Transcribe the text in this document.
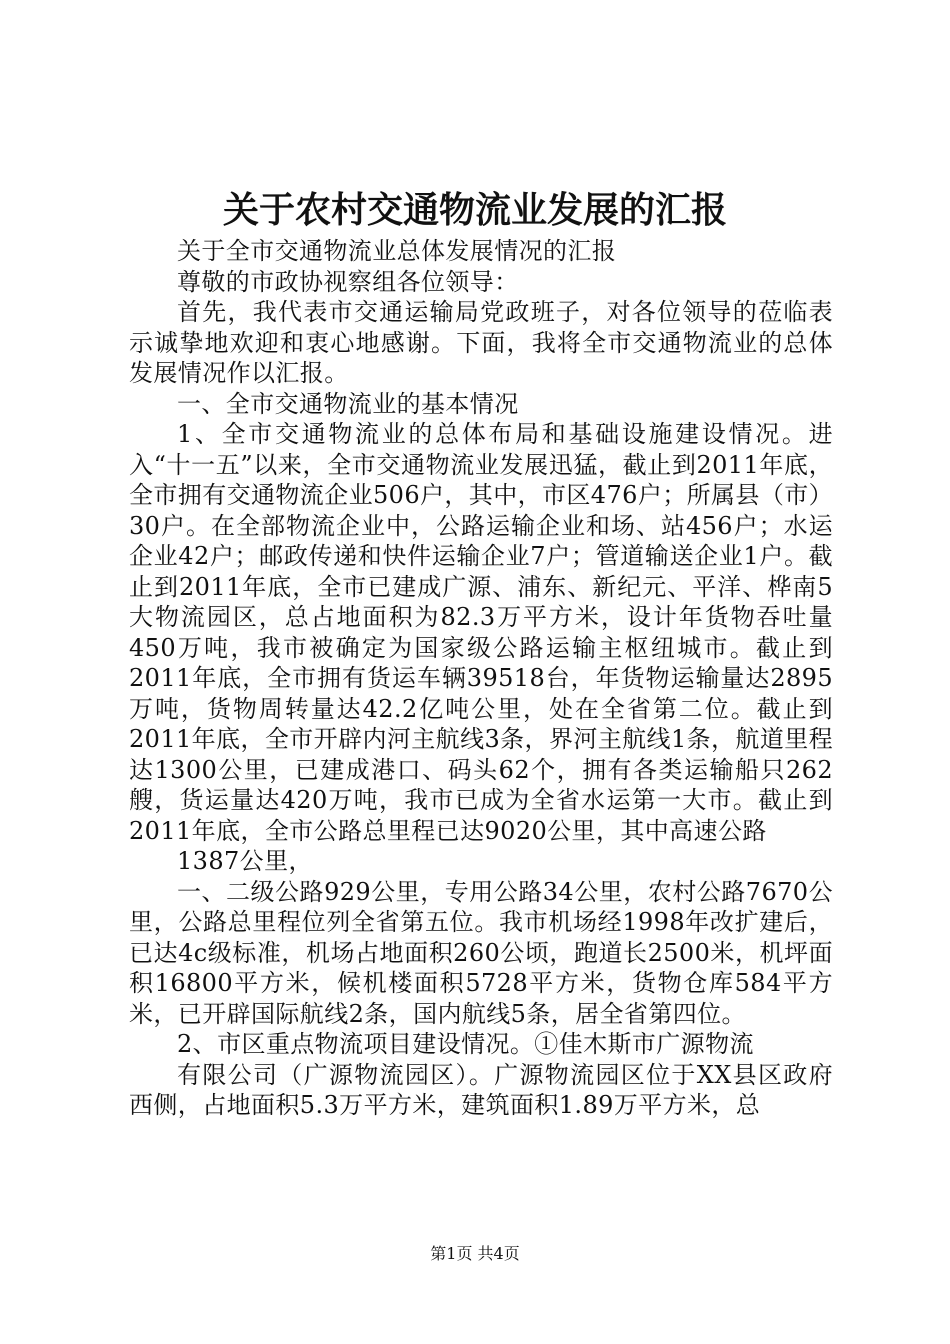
关于农村交通物流业发展的汇报

关于全市交通物流业总体发展情况的汇报

尊敬的市政协视察组各位领导：

首先，我代表市交通运输局党政班子，对各位领导的莅临表示诚挚地欢迎和衷心地感谢。下面，我将全市交通物流业的总体发展情况作以汇报。

一、全市交通物流业的基本情况

1、全市交通物流业的总体布局和基础设施建设情况。进入“十一五”以来，全市交通物流业发展迅猛，截止到2011年底，全市拥有交通物流企业506户，其中，市区476户；所属县（市）30户。在全部物流企业中，公路运输企业和场、站456户；水运企业42户；邮政传递和快件运输企业7户；管道输送企业1户。截止到2011年底，全市已建成广源、浦东、新纪元、平洋、桦南5大物流园区，总占地面积为82.3万平方米，设计年货物吞吐量450万吨，我市被确定为国家级公路运输主枢纽城市。截止到2011年底，全市拥有货运车辆39518台，年货物运输量达2895万吨，货物周转量达42.2亿吨公里，处在全省第二位。截止到2011年底，全市开辟内河主航线3条，界河主航线1条，航道里程达1300公里，已建成港口、码头62个，拥有各类运输船只262艘，货运量达420万吨，我市已成为全省水运第一大市。截止到2011年底，全市公路总里程已达9020公里，其中高速公路

1387公里，

一、二级公路929公里，专用公路34公里，农村公路7670公里，公路总里程位列全省第五位。我市机场经1998年改扩建后，已达4c级标准，机场占地面积260公顷，跑道长2500米，机坪面积16800平方米，候机楼面积5728平方米，货物仓库584平方米，已开辟国际航线2条，国内航线5条，居全省第四位。

2、市区重点物流项目建设情况。①佳木斯市广源物流

有限公司（广源物流园区）。广源物流园区位于XX县区政府西侧，占地面积5.3万平方米，建筑面积1.89万平方米，总

第1页 共4页
